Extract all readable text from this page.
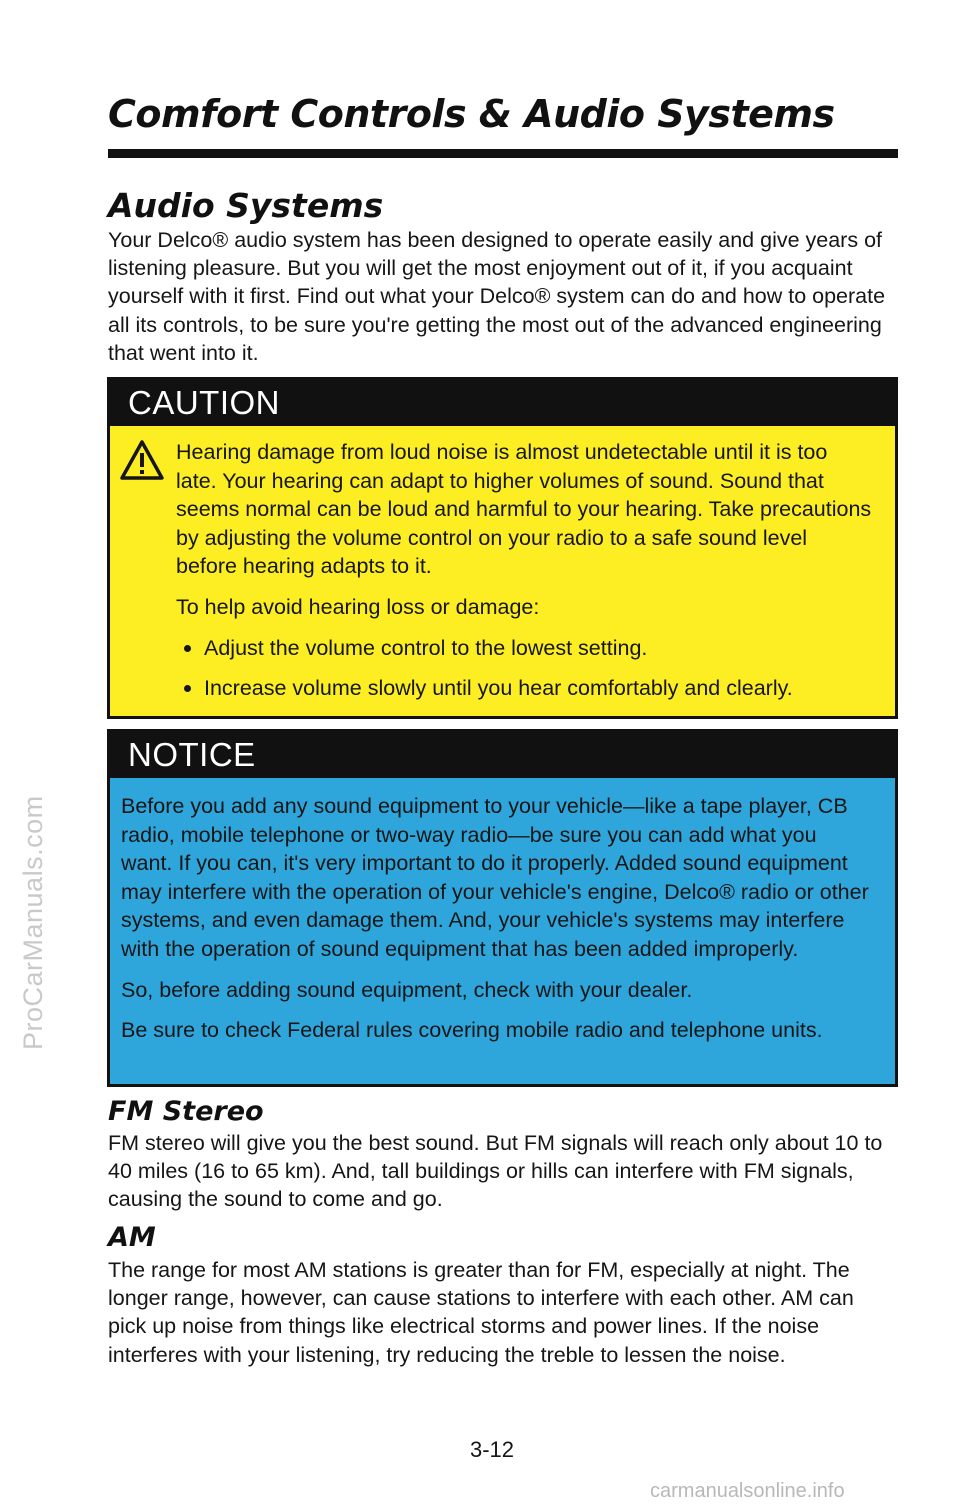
ProCarManuals.com
Comfort Controls & Audio Systems
Audio Systems

Your Delco® audio system has been designed to operate easily and give years of listening pleasure. But you will get the most enjoyment out of it, if you acquaint yourself with it first. Find out what your Delco® system can do and how to operate all its controls, to be sure you're getting the most out of the advanced engineering that went into it.

CAUTION

Hearing damage from loud noise is almost undetectable until it is too late. Your hearing can adapt to higher volumes of sound. Sound that seems normal can be loud and harmful to your hearing. Take precautions by adjusting the volume control on your radio to a safe sound level before hearing adapts to it.

To help avoid hearing loss or damage:

Adjust the volume control to the lowest setting.
Increase volume slowly until you hear comfortably and clearly.
NOTICE

Before you add any sound equipment to your vehicle—like a tape player, CB radio, mobile telephone or two-way radio—be sure you can add what you want. If you can, it's very important to do it properly. Added sound equipment may interfere with the operation of your vehicle's engine, Delco® radio or other systems, and even damage them. And, your vehicle's systems may interfere with the operation of sound equipment that has been added improperly.

So, before adding sound equipment, check with your dealer.

Be sure to check Federal rules covering mobile radio and telephone units.

FM Stereo

FM stereo will give you the best sound. But FM signals will reach only about 10 to 40 miles (16 to 65 km). And, tall buildings or hills can interfere with FM signals, causing the sound to come and go.

AM

The range for most AM stations is greater than for FM, especially at night. The longer range, however, can cause stations to interfere with each other. AM can pick up noise from things like electrical storms and power lines. If the noise interferes with your listening, try reducing the treble to lessen the noise.

3-12
carmanualsonline.info
